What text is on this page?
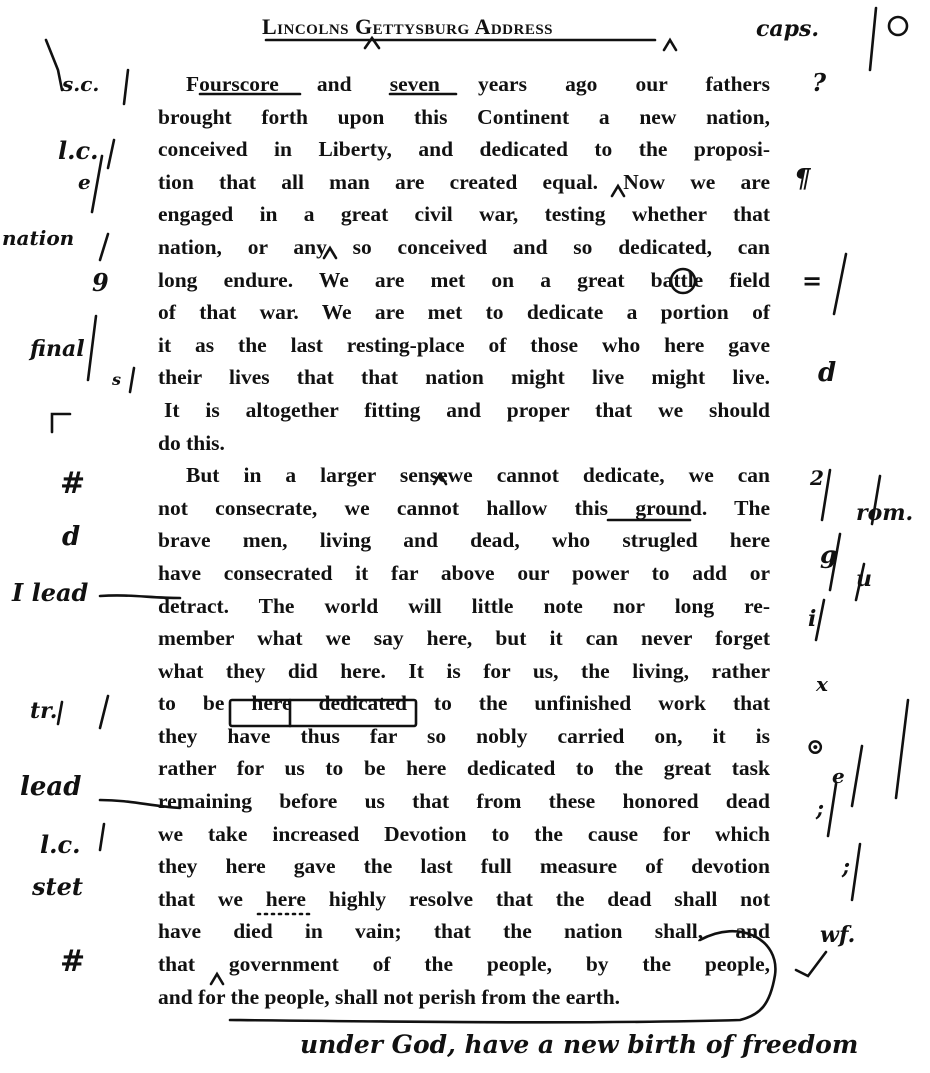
Lincolns Gettysburg Address
Fourscore and seven years ago our fathers
brought forth upon this Continent a new nation,
conceived in Liberty, and dedicated to the proposi-
tion that all man are created equal. Now we are
engaged in a great civil war, testing whether that
nation, or any so conceived and so dedicated, can
long endure. We are met on a great battle field
of that war. We are met to dedicate a portion of
it as the last resting-place of those who here gave
their lives that that nation might live might live.
It is altogether fitting and proper that we should
do this.
But in a larger sensewe cannot dedicate, we can
not consecrate, we cannot hallow this ground. The
brave men, living and dead, who strugled here
have consecrated it far above our power to add or
detract. The world will little note nor long re-
member what we say here, but it can never forget
what they did here. It is for us, the living, rather
to be here dedicated to the unfinished work that
they have thus far so nobly carried on, it is
rather for us to be here dedicated to the great task
remaining before us that from these honored dead
we take increased Devotion to the cause for which
they here gave the last full measure of devotion
that we here highly resolve that the dead shall not
have died in vain; that the nation shall, and
that government of the people, by the people,
and for the people, shall not perish from the earth.
s.c.
l.c.
e
nation
9
final
s
#
d
I lead
tr.
lead
l.c.
stet
#
caps.
?
¶
=
d
2
rom.
g
u
i
x
⊙
e
;
;
wf.
under God, have a new birth of freedom
